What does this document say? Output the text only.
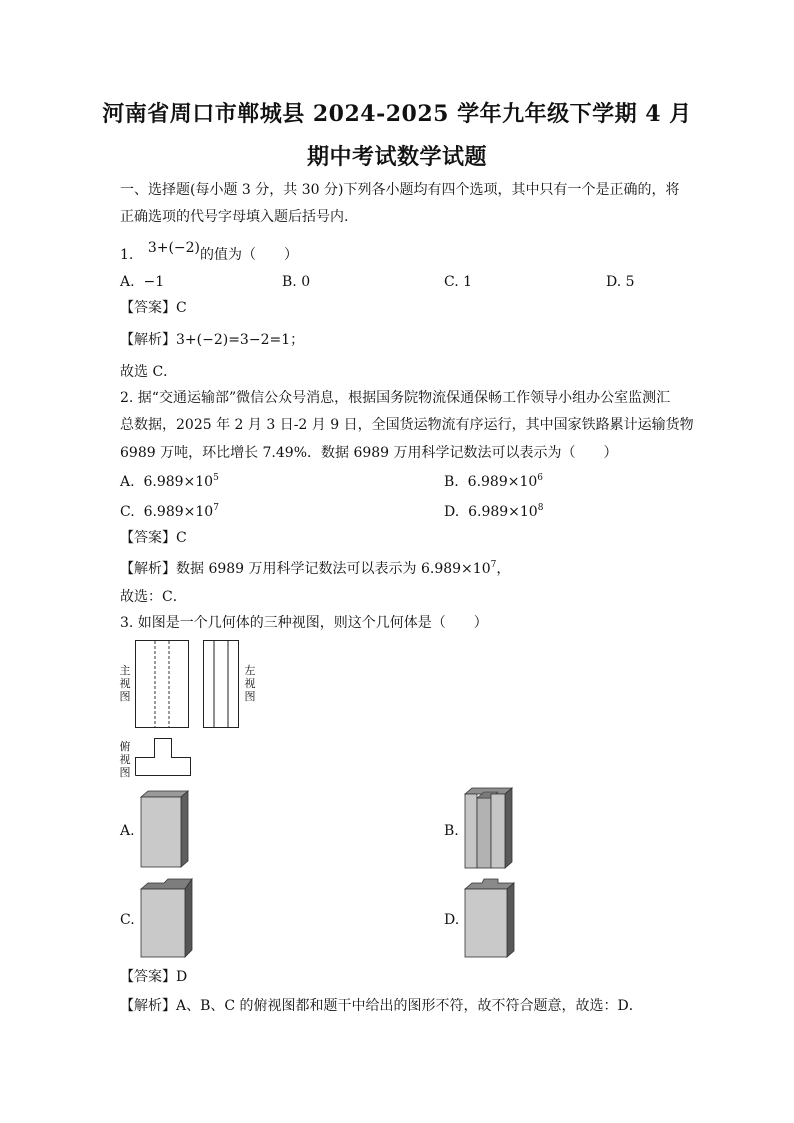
河南省周口市郸城县 2024-2025 学年九年级下学期 4 月
期中考试数学试题
一、选择题(每小题 3 分，共 30 分)下列各小题均有四个选项，其中只有一个是正确的，将
正确选项的代号字母填入题后括号内.
1. 3+(−2)的值为（　　）
A. −1	B. 0	C. 1	D. 5
【答案】C
【解析】3+(−2)=3−2=1；
故选 C．
2. 据“交通运输部”微信公众号消息，根据国务院物流保通保畅工作领导小组办公室监测汇
总数据，2025 年 2 月 3 日-2 月 9 日，全国货运物流有序运行，其中国家铁路累计运输货物
6989 万吨，环比增长 7.49%．数据 6989 万用科学记数法可以表示为（　　）
A. $6.989\times 10^5$	B. $6.989\times 10^6$
C. $6.989\times 10^7$	D. $6.989\times 10^8$
【答案】C
【解析】数据 6989 万用科学记数法可以表示为 $6.989\times 10^7$，
故选：C．
3. 如图是一个几何体的三种视图，则这个几何体是（　　）
主视图
左视图
俯视图
A.	B.
C.	D.
【答案】D
【解析】A、B、C 的俯视图都和题干中给出的图形不符，故不符合题意，故选：D．
